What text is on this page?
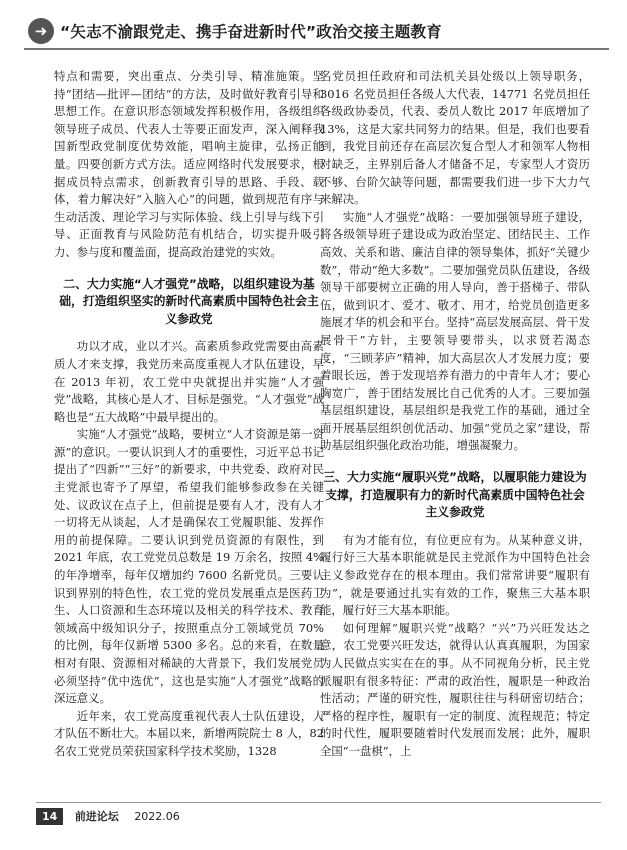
➜ “矢志不渝跟党走、携手奋进新时代”政治交接主题教育

特点和需要，突出重点、分类引导、精准施策。坚持“团结—批评—团结”的方法，及时做好教育引导和思想工作。在意识形态领域发挥积极作用，各级组织领导班子成员、代表人士等要正面发声，深入阐释我国新型政党制度优势效能，唱响主旋律，弘扬正能量。四要创新方式方法。适应网络时代发展要求，根据成员特点需求，创新教育引导的思路、手段、载体，着力解决好“入脑入心”的问题，做到规范有序与生动活泼、理论学习与实际体验、线上引导与线下引导、正面教育与风险防范有机结合，切实提升吸引力、参与度和覆盖面，提高政治建党的实效。

二、大力实施“人才强党”战略，以组织建设为基础，打造组织坚实的新时代高素质中国特色社会主义参政党

功以才成，业以才兴。高素质参政党需要由高素质人才来支撑，我党历来高度重视人才队伍建设，早在 2013 年初，农工党中央就提出并实施“人才强党”战略，其核心是人才、目标是强党。“人才强党”战略也是“五大战略”中最早提出的。

实施“人才强党”战略，要树立“人才资源是第一资源”的意识。一要认识到人才的重要性，习近平总书记提出了“四新”“三好”的新要求，中共党委、政府对民主党派也寄予了厚望，希望我们能够参政参在关键处、议政议在点子上，但前提是要有人才，没有人才一切将无从谈起，人才是确保农工党履职能、发挥作用的前提保障。二要认识到党员资源的有限性，到 2021 年底，农工党党员总数是 19 万余名，按照 4% 的年净增率，每年仅增加约 7600 名新党员。三要认识到界别的特色性，农工党的党员发展重点是医药卫生、人口资源和生态环境以及相关的科学技术、教育领域高中级知识分子，按照重点分工领域党员 70% 的比例，每年仅新增 5300 多名。总的来看，在数量相对有限、资源相对稀缺的大背景下，我们发展党员必须坚持“优中选优”，这也是实施“人才强党”战略的深远意义。

近年来，农工党高度重视代表人士队伍建设，人才队伍不断壮大。本届以来，新增两院院士 8 人，82 名农工党党员荣获国家科学技术奖励，1328

名党员担任政府和司法机关县处级以上领导职务，3016 名党员担任各级人大代表，14771 名党员担任各级政协委员，代表、委员人数比 2017 年底增加了 13%，这是大家共同努力的结果。但是，我们也要看到，我党目前还存在高层次复合型人才和领军人物相对缺乏，主界别后备人才储备不足，专家型人才资历不够、台阶欠缺等问题，都需要我们进一步下大力气来解决。

实施“人才强党”战略：一要加强领导班子建设，将各级领导班子建设成为政治坚定、团结民主、工作高效、关系和谐、廉洁自律的领导集体，抓好“关键少数”，带动“绝大多数”。二要加强党员队伍建设，各级领导干部要树立正确的用人导向，善于搭梯子、带队伍，做到识才、爱才、敬才、用才，给党员创造更多施展才华的机会和平台。坚持“高层发展高层、骨干发展骨干”方针，主要领导要带头，以求贤若渴态度，“三顾茅庐”精神，加大高层次人才发展力度；要着眼长远，善于发现培养有潜力的中青年人才；要心胸宽广，善于团结发展比自己优秀的人才。三要加强基层组织建设，基层组织是我党工作的基础，通过全面开展基层组织创优活动、加强“党员之家”建设，帮助基层组织强化政治功能，增强凝聚力。

三、大力实施“履职兴党”战略，以履职能力建设为支撑，打造履职有力的新时代高素质中国特色社会主义参政党

有为才能有位，有位更应有为。从某种意义讲，履行好三大基本职能就是民主党派作为中国特色社会主义参政党存在的根本理由。我们常常讲要“履职有为”，就是要通过扎实有效的工作，聚焦三大基本职能，履行好三大基本职能。

如何理解“履职兴党”战略？“兴”乃兴旺发达之意，农工党要兴旺发达，就得认认真真履职，为国家为人民做点实实在在的事。从不同视角分析，民主党派履职有很多特征：严肃的政治性，履职是一种政治性活动；严谨的研究性，履职往往与科研密切结合；严格的程序性，履职有一定的制度、流程规范；特定的时代性，履职要随着时代发展而发展；此外，履职全国“一盘棋”，上

14 前进论坛 2022.06
